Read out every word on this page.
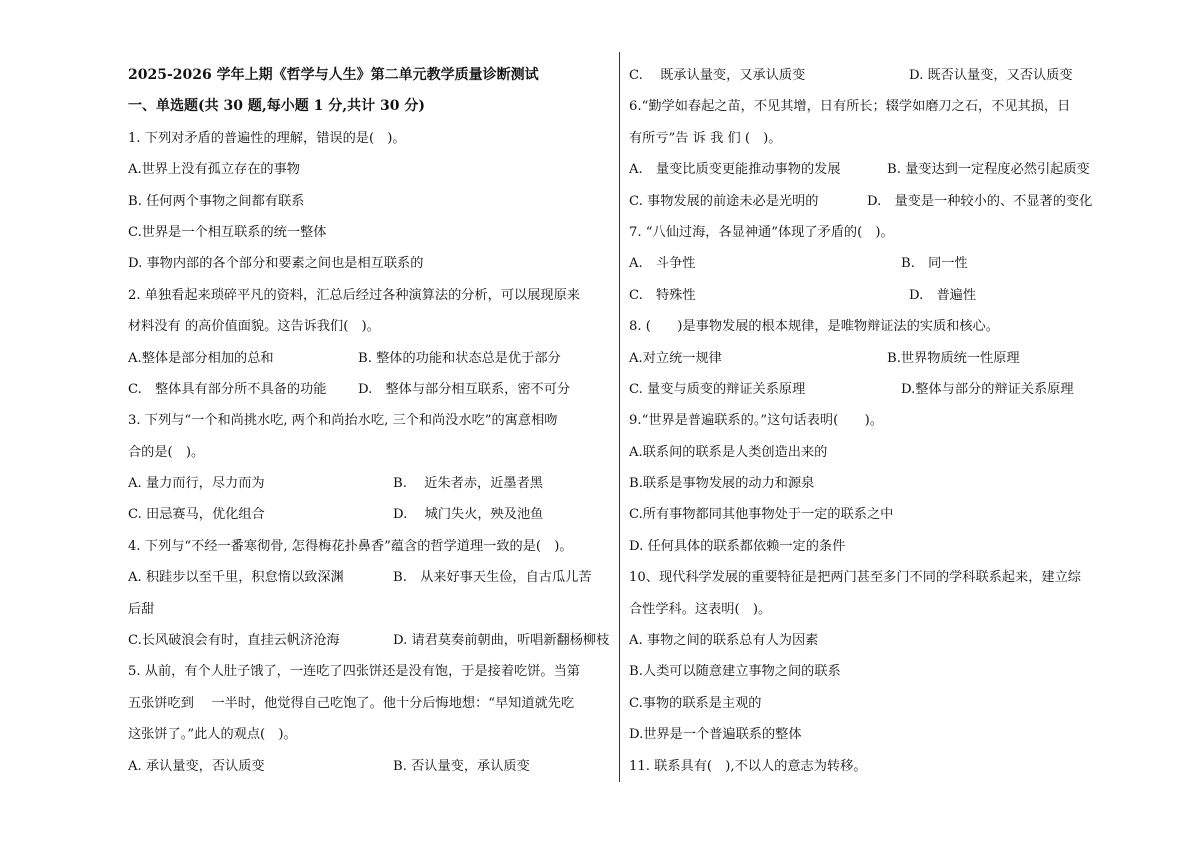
2025-2026 学年上期《哲学与人生》第二单元教学质量诊断测试
一、单选题(共 30 题,每小题 1 分,共计 30 分)
1. 下列对矛盾的普遍性的理解，错误的是(　)。
A.世界上没有孤立存在的事物
B. 任何两个事物之间都有联系
C.世界是一个相互联系的统一整体
D. 事物内部的各个部分和要素之间也是相互联系的
2. 单独看起来琐碎平凡的资料，汇总后经过各种演算法的分析，可以展现原来
材料没有 的高价值面貌。这告诉我们(　)。
A.整体是部分相加的总和	B. 整体的功能和状态总是优于部分
C.　整体具有部分所不具备的功能 D.　整体与部分相互联系，密不可分
3. 下列与“一个和尚挑水吃, 两个和尚抬水吃, 三个和尚没水吃”的寓意相吻
合的是(　)。
A. 量力而行，尽力而为	B.　 近朱者赤，近墨者黑
C. 田忌赛马，优化组合	D.　 城门失火，殃及池鱼
4. 下列与“不经一番寒彻骨, 怎得梅花扑鼻香”蕴含的哲学道理一致的是(　)。
A. 积跬步以至千里，积怠惰以致深渊	B.　从来好事天生俭，自古瓜儿苦
后甜
C.长风破浪会有时，直挂云帆济沧海	D. 请君莫奏前朝曲，听唱新翻杨柳枝
5. 从前，有个人肚子饿了，一连吃了四张饼还是没有饱，于是接着吃饼。当第
五张饼吃到　 一半时，他觉得自己吃饱了。他十分后悔地想：“早知道就先吃
这张饼了。”此人的观点(　)。
A. 承认量变，否认质变	B. 否认量变，承认质变
C.　 既承认量变，又承认质变	D. 既否认量变，又否认质变
6.“勤学如春起之苗，不见其增，日有所长；辍学如磨刀之石，不见其损，日
有所亏”告 诉 我 们 (　)。
A.　量变比质变更能推动事物的发展	B. 量变达到一定程度必然引起质变
C. 事物发展的前途未必是光明的	D.　量变是一种较小的、不显著的变化
7. “八仙过海，各显神通”体现了矛盾的(　)。
A.　斗争性	B.　同一性
C.　特殊性	D.　普遍性
8. (　　)是事物发展的根本规律，是唯物辩证法的实质和核心。
A.对立统一规律	B.世界物质统一性原理
C. 量变与质变的辩证关系原理	D.整体与部分的辩证关系原理
9.“世界是普遍联系的。”这句话表明(　　)。
A.联系间的联系是人类创造出来的
B.联系是事物发展的动力和源泉
C.所有事物都同其他事物处于一定的联系之中
D. 任何具体的联系都依赖一定的条件
10、现代科学发展的重要特征是把两门甚至多门不同的学科联系起来，建立综
合性学科。这表明(　)。
A. 事物之间的联系总有人为因素
B.人类可以随意建立事物之间的联系
C.事物的联系是主观的
D.世界是一个普遍联系的整体
11. 联系具有(　),不以人的意志为转移。
